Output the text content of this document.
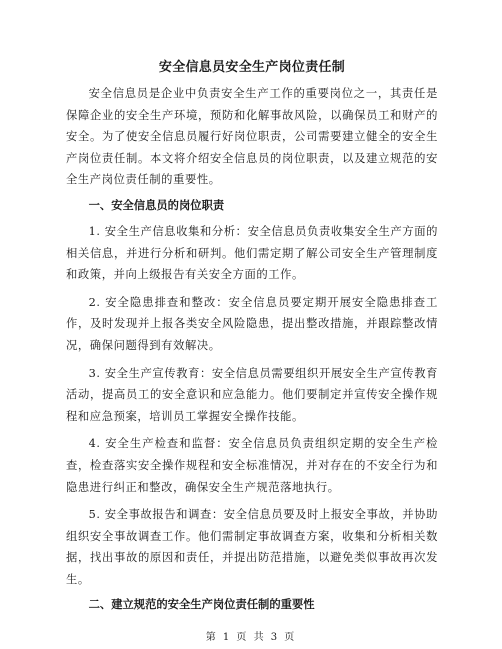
安全信息员安全生产岗位责任制

安全信息员是企业中负责安全生产工作的重要岗位之一，其责任是保障企业的安全生产环境，预防和化解事故风险，以确保员工和财产的安全。为了使安全信息员履行好岗位职责，公司需要建立健全的安全生产岗位责任制。本文将介绍安全信息员的岗位职责，以及建立规范的安全生产岗位责任制的重要性。

一、安全信息员的岗位职责

1. 安全生产信息收集和分析：安全信息员负责收集安全生产方面的相关信息，并进行分析和研判。他们需定期了解公司安全生产管理制度和政策，并向上级报告有关安全方面的工作。

2. 安全隐患排查和整改：安全信息员要定期开展安全隐患排查工作，及时发现并上报各类安全风险隐患，提出整改措施，并跟踪整改情况，确保问题得到有效解决。

3. 安全生产宣传教育：安全信息员需要组织开展安全生产宣传教育活动，提高员工的安全意识和应急能力。他们要制定并宣传安全操作规程和应急预案，培训员工掌握安全操作技能。

4. 安全生产检查和监督：安全信息员负责组织定期的安全生产检查，检查落实安全操作规程和安全标准情况，并对存在的不安全行为和隐患进行纠正和整改，确保安全生产规范落地执行。

5. 安全事故报告和调查：安全信息员要及时上报安全事故，并协助组织安全事故调查工作。他们需制定事故调查方案，收集和分析相关数据，找出事故的原因和责任，并提出防范措施，以避免类似事故再次发生。

二、建立规范的安全生产岗位责任制的重要性
第 1 页 共 3 页
